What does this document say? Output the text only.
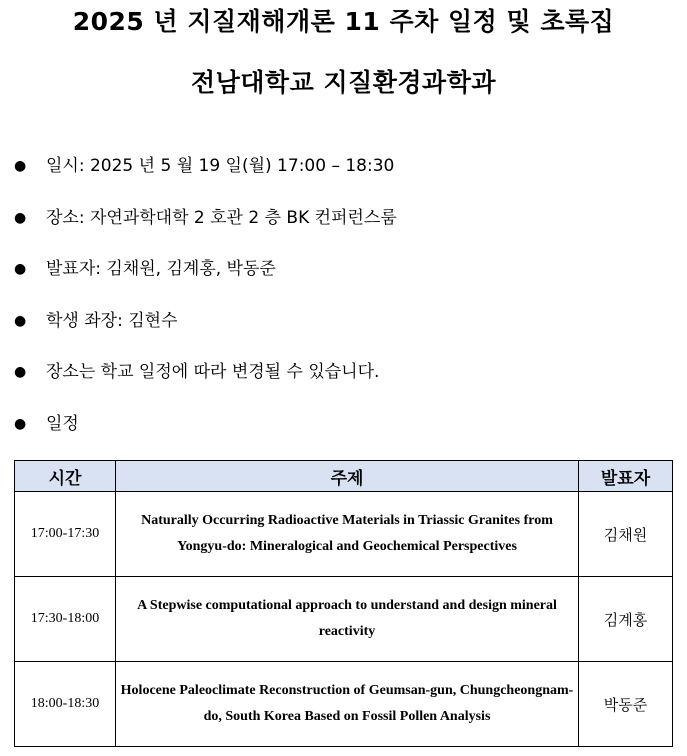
2025 년 지질재해개론 11 주차 일정 및 초록집
전남대학교 지질환경과학과
●	일시: 2025 년 5 월 19 일(월) 17:00 – 18:30
●	장소: 자연과학대학 2 호관 2 층 BK 컨퍼런스룸
●	발표자: 김채원, 김계홍, 박동준
●	학생 좌장: 김현수
●	장소는 학교 일정에 따라 변경될 수 있습니다.
●	일정
시간	주제	발표자
17:00-17:30	Naturally Occurring Radioactive Materials in Triassic Granites from Yongyu-do: Mineralogical and Geochemical Perspectives	김채원
17:30-18:00	A Stepwise computational approach to understand and design mineral reactivity	김계홍
18:00-18:30	Holocene Paleoclimate Reconstruction of Geumsan-gun, Chungcheongnam-do, South Korea Based on Fossil Pollen Analysis	박동준
